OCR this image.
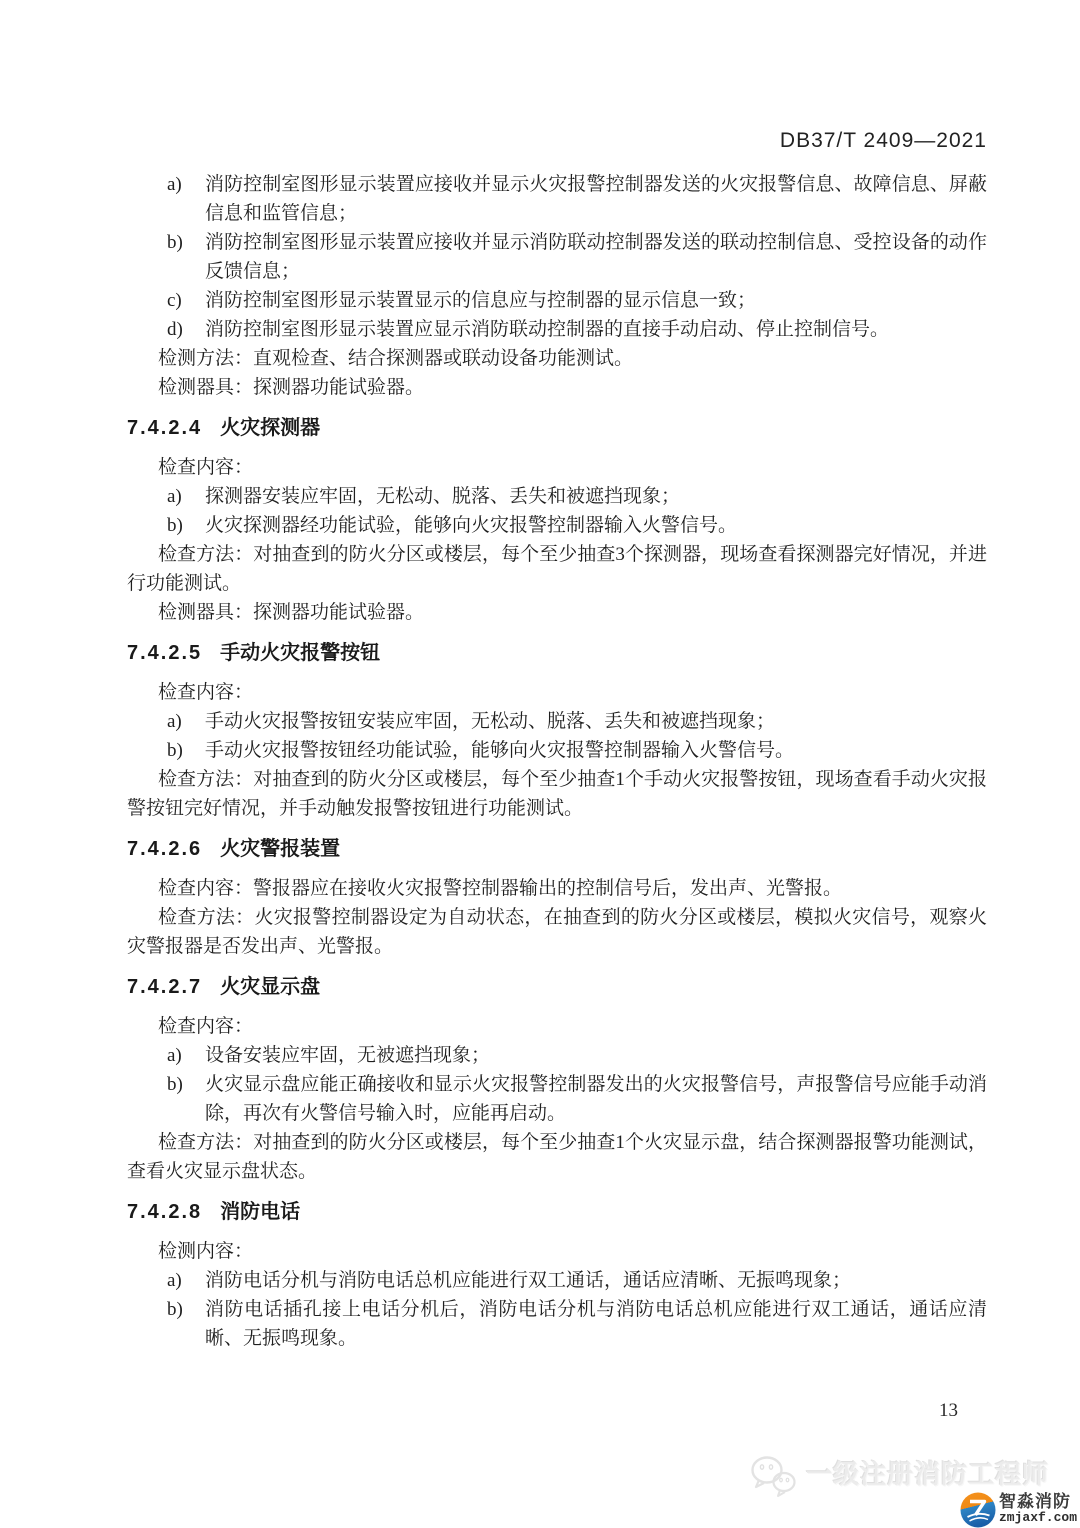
DB37/T 2409—2021
a)	消防控制室图形显示装置应接收并显示火灾报警控制器发送的火灾报警信息、故障信息、屏蔽信息和监管信息；
b)	消防控制室图形显示装置应接收并显示消防联动控制器发送的联动控制信息、受控设备的动作反馈信息；
c)	消防控制室图形显示装置显示的信息应与控制器的显示信息一致；
d)	消防控制室图形显示装置应显示消防联动控制器的直接手动启动、停止控制信号。

检测方法：直观检查、结合探测器或联动设备功能测试。

检测器具：探测器功能试验器。

7.4.2.4 火灾探测器

检查内容：

a)	探测器安装应牢固，无松动、脱落、丢失和被遮挡现象；
b)	火灾探测器经功能试验，能够向火灾报警控制器输入火警信号。

检查方法：对抽查到的防火分区或楼层，每个至少抽查3个探测器，现场查看探测器完好情况，并进行功能测试。

检测器具：探测器功能试验器。

7.4.2.5 手动火灾报警按钮

检查内容：

a)	手动火灾报警按钮安装应牢固，无松动、脱落、丢失和被遮挡现象；
b)	手动火灾报警按钮经功能试验，能够向火灾报警控制器输入火警信号。

检查方法：对抽查到的防火分区或楼层，每个至少抽查1个手动火灾报警按钮，现场查看手动火灾报警按钮完好情况，并手动触发报警按钮进行功能测试。

7.4.2.6 火灾警报装置

检查内容：警报器应在接收火灾报警控制器输出的控制信号后，发出声、光警报。

检查方法：火灾报警控制器设定为自动状态，在抽查到的防火分区或楼层，模拟火灾信号，观察火灾警报器是否发出声、光警报。

7.4.2.7 火灾显示盘

检查内容：

a)	设备安装应牢固，无被遮挡现象；
b)	火灾显示盘应能正确接收和显示火灾报警控制器发出的火灾报警信号，声报警信号应能手动消除，再次有火警信号输入时，应能再启动。

检查方法：对抽查到的防火分区或楼层，每个至少抽查1个火灾显示盘，结合探测器报警功能测试，查看火灾显示盘状态。

7.4.2.8 消防电话

检测内容：

a)	消防电话分机与消防电话总机应能进行双工通话，通话应清晰、无振鸣现象；
b)	消防电话插孔接上电话分机后，消防电话分机与消防电话总机应能进行双工通话，通话应清晰、无振鸣现象。
13
一级注册消防工程师
智淼消防
zmjaxf.com
